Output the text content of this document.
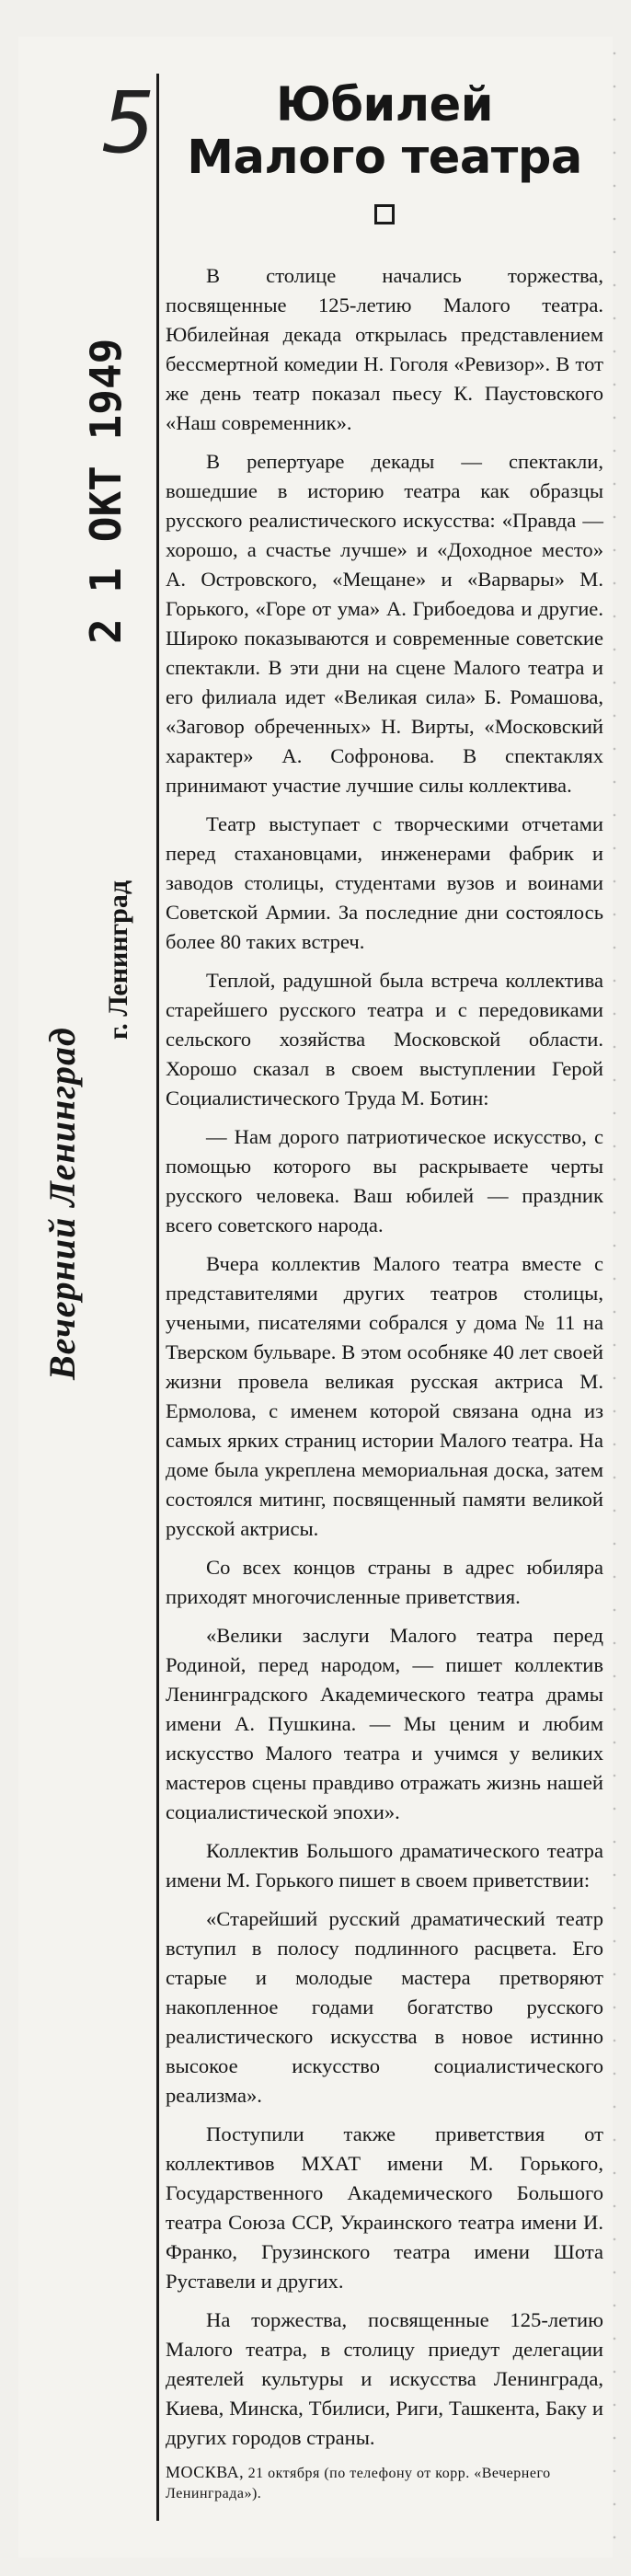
5
Вечерний Ленинград
г. Ленинград
2 1 ОКТ 1949
Юбилей
Малого театра

В столице начались торжества, посвященные 125-летию Малого театра. Юбилейная декада открылась представлением бессмертной комедии Н. Гоголя «Ревизор». В тот же день театр показал пьесу К. Паустовского «Наш современник».

В репертуаре декады — спектакли, вошедшие в историю театра как образцы русского реалистического искусства: «Правда — хорошо, а счастье лучше» и «Доходное место» А. Островского, «Мещане» и «Варвары» М. Горького, «Горе от ума» А. Грибоедова и другие. Широко показываются и современные советские спектакли. В эти дни на сцене Малого театра и его филиала идет «Великая сила» Б. Ромашова, «Заговор обреченных» Н. Вирты, «Московский характер» А. Софронова. В спектаклях принимают участие лучшие силы коллектива.

Театр выступает с творческими отчетами перед стахановцами, инженерами фабрик и заводов столицы, студентами вузов и воинами Советской Армии. За последние дни состоялось более 80 таких встреч.

Теплой, радушной была встреча коллектива старейшего русского театра и с передовиками сельского хозяйства Московской области. Хорошо сказал в своем выступлении Герой Социалистического Труда М. Ботин:

— Нам дорого патриотическое искусство, с помощью которого вы раскрываете черты русского человека. Ваш юбилей — праздник всего советского народа.

Вчера коллектив Малого театра вместе с представителями других театров столицы, учеными, писателями собрался у дома № 11 на Тверском бульваре. В этом особняке 40 лет своей жизни провела великая русская актриса М. Ермолова, с именем которой связана одна из самых ярких страниц истории Малого театра. На доме была укреплена мемориальная доска, затем состоялся митинг, посвященный памяти великой русской актрисы.

Со всех концов страны в адрес юбиляра приходят многочисленные приветствия.

«Велики заслуги Малого театра перед Родиной, перед народом, — пишет коллектив Ленинградского Академического театра драмы имени А. Пушкина. — Мы ценим и любим искусство Малого театра и учимся у великих мастеров сцены правдиво отражать жизнь нашей социалистической эпохи».

Коллектив Большого драматического театра имени М. Горького пишет в своем приветствии:

«Старейший русский драматический театр вступил в полосу подлинного расцвета. Его старые и молодые мастера претворяют накопленное годами богатство русского реалистического искусства в новое истинно высокое искусство социалистического реализма».

Поступили также приветствия от коллективов МХАТ имени М. Горького, Государственного Академического Большого театра Союза ССР, Украинского театра имени И. Франко, Грузинского театра имени Шота Руставели и других.

На торжества, посвященные 125-летию Малого театра, в столицу приедут делегации деятелей культуры и искусства Ленинграда, Киева, Минска, Тбилиси, Риги, Ташкента, Баку и других городов страны.

МОСКВА, 21 октября (по телефону от корр. «Вечернего Ленинграда»).
